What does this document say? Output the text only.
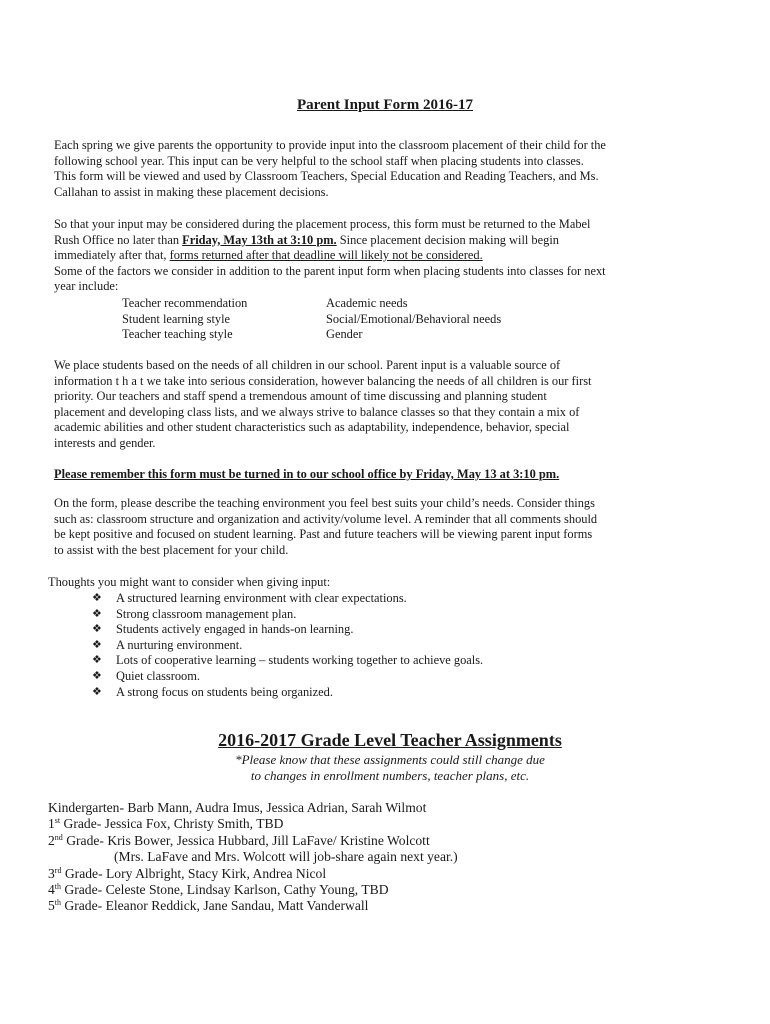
Parent Input Form 2016-17

Each spring we give parents the opportunity to provide input into the classroom placement of their child for the
following school year. This input can be very helpful to the school staff when placing students into classes.
This form will be viewed and used by Classroom Teachers, Special Education and Reading Teachers, and Ms.
Callahan to assist in making these placement decisions.

So that your input may be considered during the placement process, this form must be returned to the Mabel
Rush Office no later than Friday, May 13th at 3:10 pm. Since placement decision making will begin
immediately after that, forms returned after that deadline will likely not be considered.
Some of the factors we consider in addition to the parent input form when placing students into classes for next
year include:

Teacher recommendation	Academic needs
Student learning style	Social/Emotional/Behavioral needs
Teacher teaching style	Gender

We place students based on the needs of all children in our school. Parent input is a valuable source of
information t h a t we take into serious consideration, however balancing the needs of all children is our first
priority. Our teachers and staff spend a tremendous amount of time discussing and planning student
placement and developing class lists, and we always strive to balance classes so that they contain a mix of
academic abilities and other student characteristics such as adaptability, independence, behavior, special
interests and gender.

Please remember this form must be turned in to our school office by Friday, May 13 at 3:10 pm.

On the form, please describe the teaching environment you feel best suits your child’s needs. Consider things
such as: classroom structure and organization and activity/volume level. A reminder that all comments should
be kept positive and focused on student learning. Past and future teachers will be viewing parent input forms
to assist with the best placement for your child.

Thoughts you might want to consider when giving input:

❖	A structured learning environment with clear expectations.
❖	Strong classroom management plan.
❖	Students actively engaged in hands-on learning.
❖	A nurturing environment.
❖	Lots of cooperative learning – students working together to achieve goals.
❖	Quiet classroom.
❖	A strong focus on students being organized.
2016-2017 Grade Level Teacher Assignments

*Please know that these assignments could still change due
to changes in enrollment numbers, teacher plans, etc.

Kindergarten- Barb Mann, Audra Imus, Jessica Adrian, Sarah Wilmot
1st Grade- Jessica Fox, Christy Smith, TBD
2nd Grade- Kris Bower, Jessica Hubbard, Jill LaFave/ Kristine Wolcott
(Mrs. LaFave and Mrs. Wolcott will job-share again next year.)
3rd Grade- Lory Albright, Stacy Kirk, Andrea Nicol
4th Grade- Celeste Stone, Lindsay Karlson, Cathy Young, TBD
5th Grade- Eleanor Reddick, Jane Sandau, Matt Vanderwall
